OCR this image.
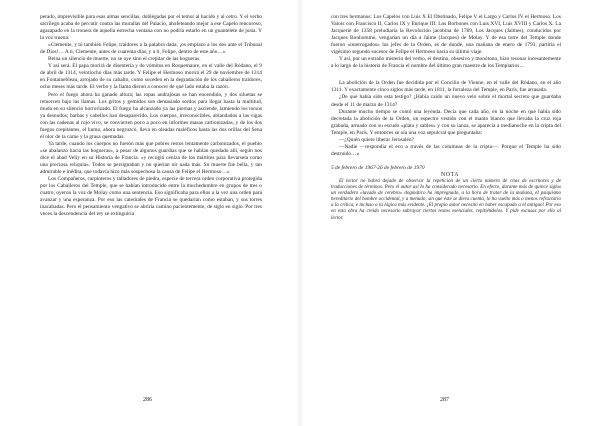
perado, imprevisible para esas almas sencillas, doblégadas por el temor al hacido y al cetro. Y el verbo sacrílego acaba de percutir contra las murallas del Palacio, ahofeteando mejor a ese Capelo rencoroso, agazapado en la tronera de aquella estrecha ventana con no podría estarlo en un guantelete de justa. Y la voz truena:

«Clemente, y tú también Felipe, traidores a la palabra dada, ¡os emplazo a los dos ante el Tribunal de Dios!… A ti, Clemente, antes de cuarenta días, y a ti, Felipe, dentro de este año…»

Reina un silencio de muerte, no se oye sino el crepitar de las hogueras.

Y así será. El papa morirá de disentería y de vómitos en Roquemaure, en el valle del Ródano, el 9 de abril de 1314, veintiocho días más tarde. Y Felipe el Hermoso morirá el 29 de noviembre de 1314 en Fontainebleau, arrojado de su caballo, como suceden en la degradación de los caballeros traidores, ocho meses más tarde. El verbo y la llama dieron a conocer de qué lado estaba la razón.

Pero el fuego ahora ha ganado altura; las ropas andrajosas se han encendido, y dos siluetas se retuercen bajo las llamas. Los gritos y gemidos son demasiado sordos para llegar hasta la multitud, muda en su silencio horrorizado. El fuego ha alcanzado ya las piernas y asciende, lamiendo los torsos ya desnudos; barbas y cabellos han desaparecido. Los cuerpos, irreconocibles, ablandados a las vigas con las cadenas al rojo vivo, se convierten poco a poco en informes masas carbonizadas, y de los dos fuegos crepitantes, el humo, ahora negruzco, lleva en oleadas maléficos hasta las dos orillas del Sena el olor de la carne y la grasa quemadas.

Ya tarde, cuando los cuerpos no fueron más que pobres restos lentamente carbonizados, el pueblo «se abalanzó hacia las hogueras», a pesar de algunos guardias que se habían quedado allí, según nos dice el abad Velly en su Historia de Francia. «y recogió ceniza de los mártires para llevarsela como una preciosa reliquia». Todos se persignaban y no querían oír nada más. Su muerte fue bella, y tan admirable e inédita, que todavía hizo más sospechosa la causa de Felipe el Hermoso…»

Los Compañeros, carpinteros y talladores de piedra, especie de tercera orden corporativa protegida por los Caballeros del Temple, que se habían introducido entre la muchedumbre en grupos de tres o cuatro, oyeron la voz de Molay como una sentencia. Eso significaba para ellos a la vez una orden para avanzar y una esperanza. Por eso las catedrales de Francia se quedarían como estaban, y sus torres inacabadas. Pero el pensamiento vengativo se abriría camino pacientemente, de siglo en siglo. Por tres veces la descendencia del rey se extinguiría

286

con tres hermanos: Los Capelos con Luis X El Obstinado, Felipe V el Largo y Carlos IV el Hermoso. Los Valois con Francisco II, Carlos IX y Enrique III. Los Borbones con Luis XVI, Luis XVIII y Carlos X. La Jacquerie de 1358 preludiaría la Revolución jacobina de 1789, Los Jacques (Jaimes), conducidos por Jacques Bonhomme, vengarían un día a Jaime (Jacques) de Molay. Y de esa torre del Temple donde fueron «interrogados» los jefes de la Orden, es de donde, una mañana de enero de 1793, partiría el vigésimo segundo sucesor de Felipe el Hermoso hacia su último viaje.

Y así, por un extraño misterio del verbo, el destino, obsesivo y monótono, hizo resonar incesantemente a lo largo de la historia de Francia el nombre del último gran maestre de los Templarios…

La abolición de la Orden fue decidida por el Concilio de Vienne, en el valle del Ródano, en el año 1311. Y exactamente cinco siglos más tarde, en 1811, la fortaleza del Temple, en París, fue arrasada.

¿De qué había sido esta testigo? ¿Había caído un nuevo velo sobre el mortal secreto que guardaba desde el 11 de marzo de 1314?

Durante mucho tiempo se contó una leyenda. Decía que cada año, en la noche en que había sido decretada la abolición de la Orden, un espectro vestido con el manto blanco que llevaba la cruz roja grabada, armado con su escudo «plata y sables» y con su lanza, se aparecía a medianoche en la cripta del Temple, en París. Y entonces se oía una voz sepulcral que preguntaba:

—¿Quién quiere liberar Jerusalén?

—Nadie —respondía el eco a través de las columnas de la cripta—. Porque el Temple ha sido destruido…»

5 de febrero de 1967-26 de febrero de 1970

NOTA

El lector no habrá dejado de observar la repetición de un cierto número de citas de escritores y de traducciones de términos. Pero el autor así lo ha considerado necesario. En efecto, durante más de quince siglos un verdadero «lavado de cerebro» dogmático ha impregnado, a la hora de tratar de la mañana, el psiquismo hereditario del hombre occidental, y a menudo, sin que éste se diera cuenta, lo ha vuelto más o menos refractario a la crítica, e incluso a la lógica más evidente. ¡El propio autor necesitó en haber escapado a el antiguo! Por eso en esta obra ha creido necesario subrayar ciertos textos esenciales, repitiéndolos. Y pide excusas por ello al lector.

287
